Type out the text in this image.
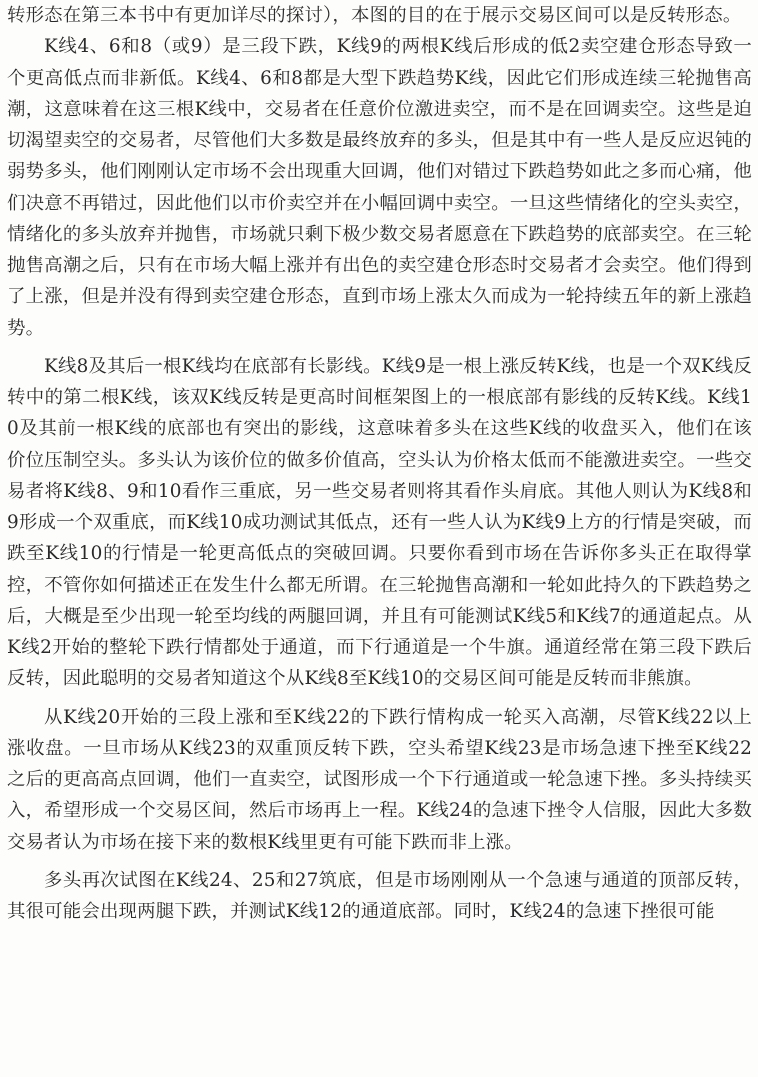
转形态在第三本书中有更加详尽的探讨），本图的目的在于展示交易区间可以是反转形态。

K线4、6和8（或9）是三段下跌，K线9的两根K线后形成的低2卖空建仓形态导致一个更高低点而非新低。K线4、6和8都是大型下跌趋势K线，因此它们形成连续三轮抛售高潮，这意味着在这三根K线中，交易者在任意价位激进卖空，而不是在回调卖空。这些是迫切渴望卖空的交易者，尽管他们大多数是最终放弃的多头，但是其中有一些人是反应迟钝的弱势多头，他们刚刚认定市场不会出现重大回调，他们对错过下跌趋势如此之多而心痛，他们决意不再错过，因此他们以市价卖空并在小幅回调中卖空。一旦这些情绪化的空头卖空，情绪化的多头放弃并抛售，市场就只剩下极少数交易者愿意在下跌趋势的底部卖空。在三轮抛售高潮之后，只有在市场大幅上涨并有出色的卖空建仓形态时交易者才会卖空。他们得到了上涨，但是并没有得到卖空建仓形态，直到市场上涨太久而成为一轮持续五年的新上涨趋势。

K线8及其后一根K线均在底部有长影线。K线9是一根上涨反转K线，也是一个双K线反转中的第二根K线，该双K线反转是更高时间框架图上的一根底部有影线的反转K线。K线10及其前一根K线的底部也有突出的影线，这意味着多头在这些K线的收盘买入，他们在该价位压制空头。多头认为该价位的做多价值高，空头认为价格太低而不能激进卖空。一些交易者将K线8、9和10看作三重底，另一些交易者则将其看作头肩底。其他人则认为K线8和9形成一个双重底，而K线10成功测试其低点，还有一些人认为K线9上方的行情是突破，而跌至K线10的行情是一轮更高低点的突破回调。只要你看到市场在告诉你多头正在取得掌控，不管你如何描述正在发生什么都无所谓。在三轮抛售高潮和一轮如此持久的下跌趋势之后，大概是至少出现一轮至均线的两腿回调，并且有可能测试K线5和K线7的通道起点。从K线2开始的整轮下跌行情都处于通道，而下行通道是一个牛旗。通道经常在第三段下跌后反转，因此聪明的交易者知道这个从K线8至K线10的交易区间可能是反转而非熊旗。

从K线20开始的三段上涨和至K线22的下跌行情构成一轮买入高潮，尽管K线22以上涨收盘。一旦市场从K线23的双重顶反转下跌，空头希望K线23是市场急速下挫至K线22之后的更高高点回调，他们一直卖空，试图形成一个下行通道或一轮急速下挫。多头持续买入，希望形成一个交易区间，然后市场再上一程。K线24的急速下挫令人信服，因此大多数交易者认为市场在接下来的数根K线里更有可能下跌而非上涨。

多头再次试图在K线24、25和27筑底，但是市场刚刚从一个急速与通道的顶部反转，其很可能会出现两腿下跌，并测试K线12的通道底部。同时，K线24的急速下挫很可能
